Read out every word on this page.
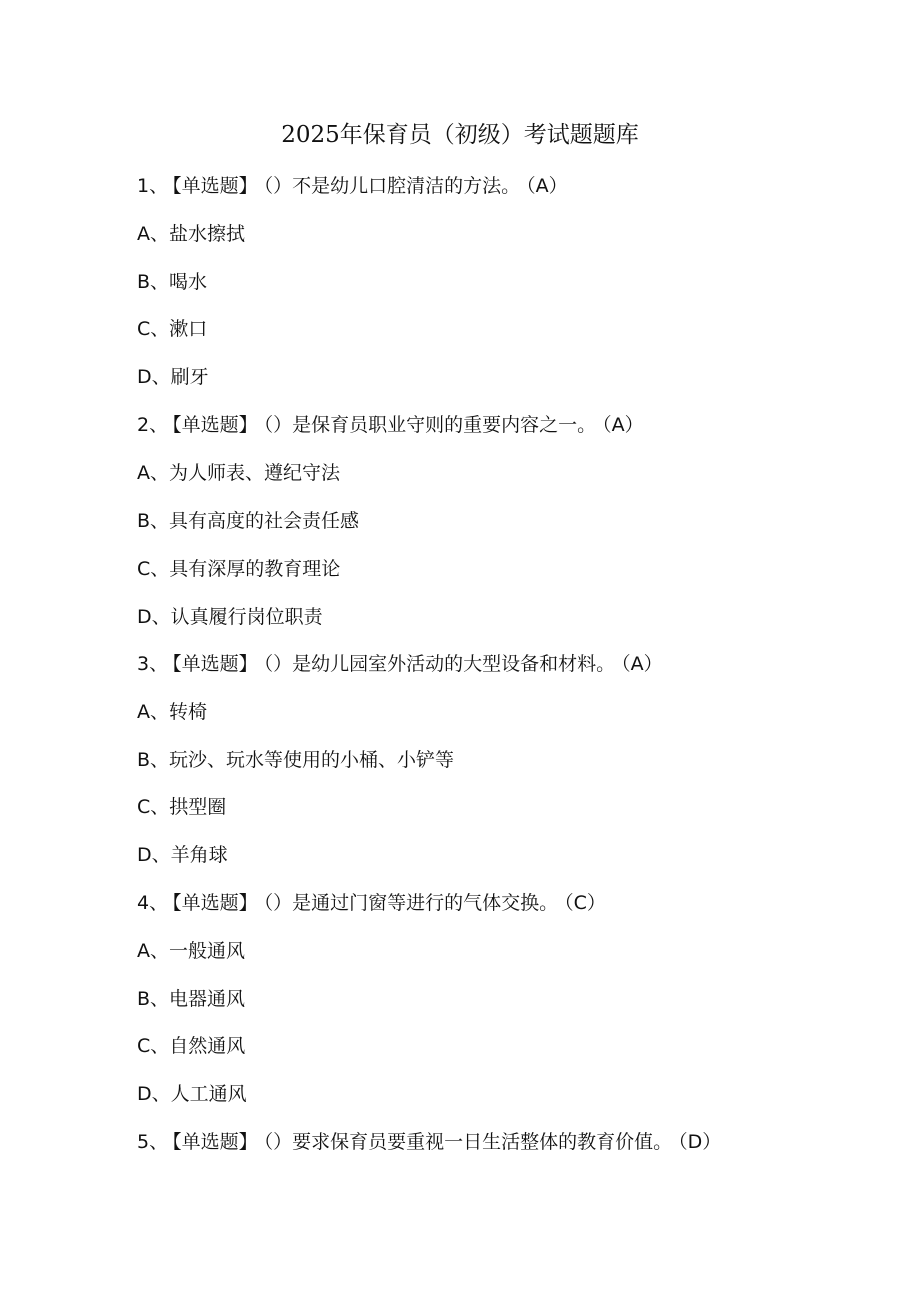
2025年保育员（初级）考试题题库
1、 【单选题】 （）不是幼儿口腔清洁的方法。 （A）
A、盐水擦拭
B、喝水
C、漱口
D、刷牙
2、 【单选题】 （）是保育员职业守则的重要内容之一。 （A）
A、为人师表、遵纪守法
B、具有高度的社会责任感
C、具有深厚的教育理论
D、认真履行岗位职责
3、 【单选题】 （）是幼儿园室外活动的大型设备和材料。 （A）
A、转椅
B、玩沙、玩水等使用的小桶、小铲等
C、拱型圈
D、羊角球
4、 【单选题】 （）是通过门窗等进行的气体交换。 （C）
A、一般通风
B、电器通风
C、自然通风
D、人工通风
5、 【单选题】 （）要求保育员要重视一日生活整体的教育价值。 （D）
